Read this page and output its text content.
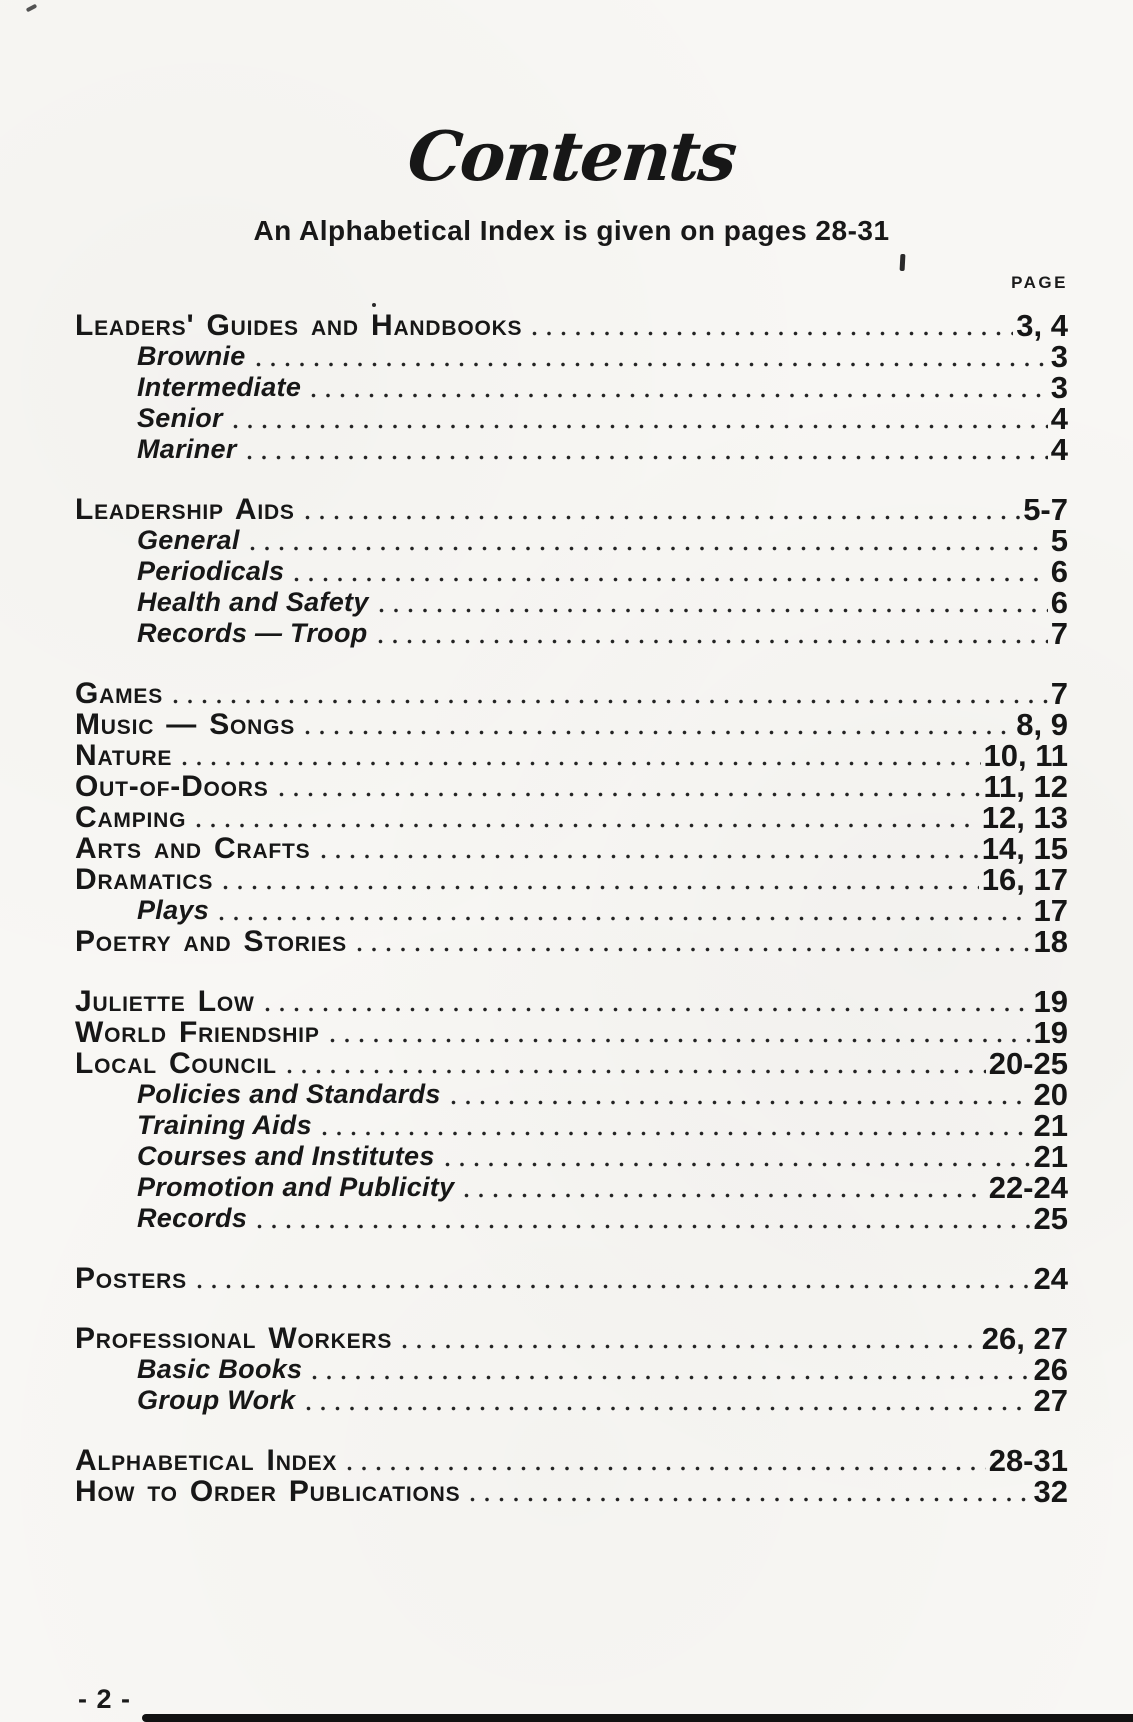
Contents
An Alphabetical Index is given on pages 28-31
PAGE
Leaders' Guides and Handbooks	3, 4
Brownie	3
Intermediate	3
Senior	4
Mariner	4
Leadership Aids	5-7
General	5
Periodicals	6
Health and Safety	6
Records — Troop	7
Games	7
Music — Songs	8, 9
Nature	10, 11
Out-of-Doors	11, 12
Camping	12, 13
Arts and Crafts	14, 15
Dramatics	16, 17
Plays	17
Poetry and Stories	18
Juliette Low	19
World Friendship	19
Local Council	20-25
Policies and Standards	20
Training Aids	21
Courses and Institutes	21
Promotion and Publicity	22-24
Records	25
Posters	24
Professional Workers	26, 27
Basic Books	26
Group Work	27
Alphabetical Index	28-31
How to Order Publications	32
- 2 -
